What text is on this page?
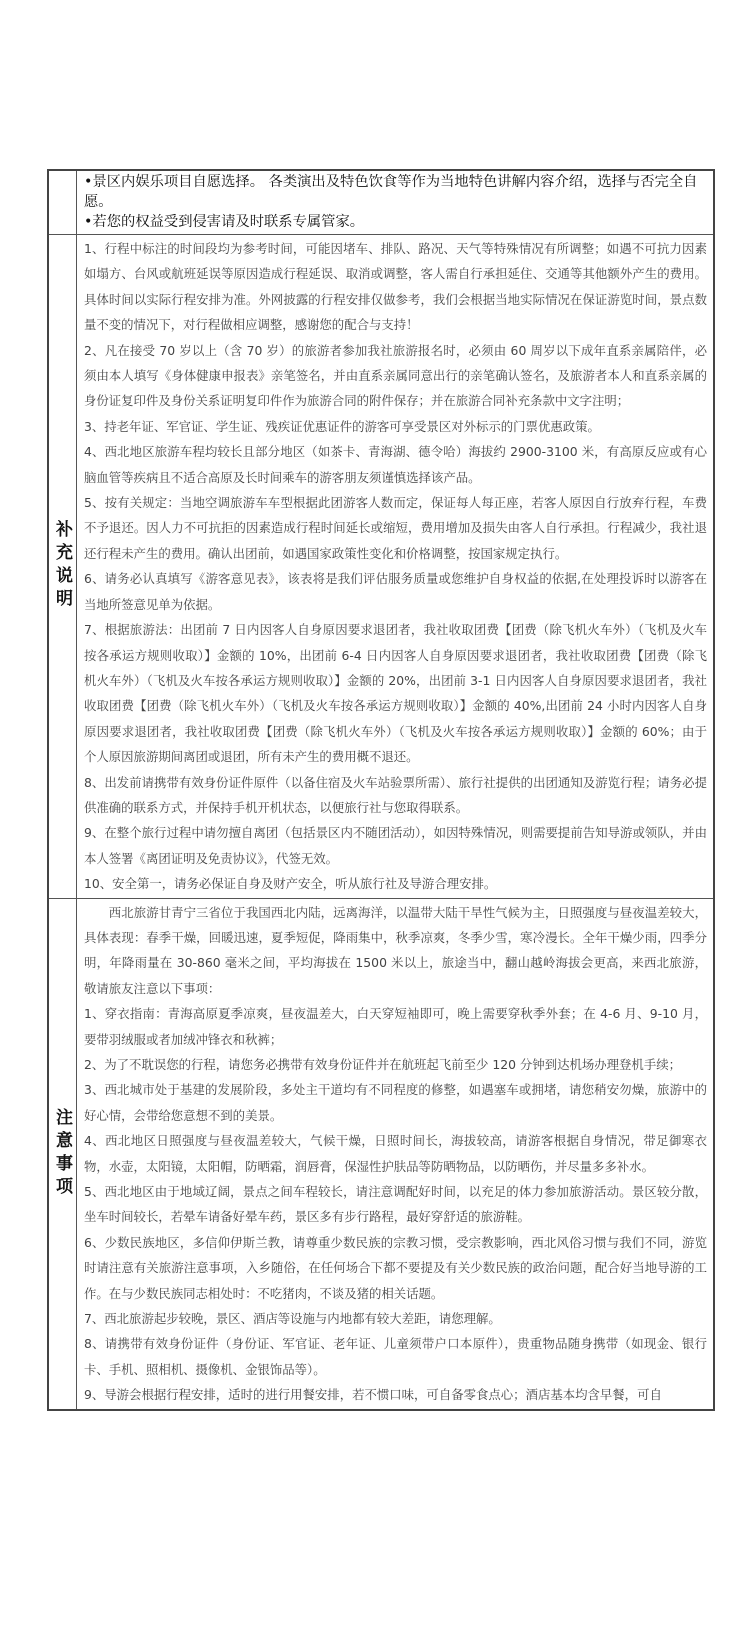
•景区内娱乐项目自愿选择。 各类演出及特色饮食等作为当地特色讲解内容介绍，选择与否完全自愿。

•若您的权益受到侵害请及时联系专属管家。

补充说明

1、行程中标注的时间段均为参考时间，可能因堵车、排队、路况、天气等特殊情况有所调整；如遇不可抗力因素如塌方、台风或航班延误等原因造成行程延误、取消或调整，客人需自行承担延住、交通等其他额外产生的费用。具体时间以实际行程安排为准。外网披露的行程安排仅做参考，我们会根据当地实际情况在保证游览时间，景点数量不变的情况下，对行程做相应调整，感谢您的配合与支持！

2、凡在接受 70 岁以上（含 70 岁）的旅游者参加我社旅游报名时，必须由 60 周岁以下成年直系亲属陪伴，必须由本人填写《身体健康申报表》亲笔签名，并由直系亲属同意出行的亲笔确认签名，及旅游者本人和直系亲属的身份证复印件及身份关系证明复印件作为旅游合同的附件保存；并在旅游合同补充条款中文字注明；

3、持老年证、军官证、学生证、残疾证优惠证件的游客可享受景区对外标示的门票优惠政策。

4、西北地区旅游车程均较长且部分地区（如茶卡、青海湖、德令哈）海拔约 2900-3100 米，有高原反应或有心脑血管等疾病且不适合高原及长时间乘车的游客朋友须谨慎选择该产品。

5、按有关规定：当地空调旅游车车型根据此团游客人数而定，保证每人每正座，若客人原因自行放弃行程，车费不予退还。因人力不可抗拒的因素造成行程时间延长或缩短，费用增加及损失由客人自行承担。行程减少，我社退还行程未产生的费用。确认出团前，如遇国家政策性变化和价格调整，按国家规定执行。

6、请务必认真填写《游客意见表》，该表将是我们评估服务质量或您维护自身权益的依据,在处理投诉时以游客在当地所签意见单为依据。

7、根据旅游法：出团前 7 日内因客人自身原因要求退团者，我社收取团费【团费（除飞机火车外）（飞机及火车按各承运方规则收取）】金额的 10%，出团前 6-4 日内因客人自身原因要求退团者，我社收取团费【团费（除飞机火车外）（飞机及火车按各承运方规则收取）】金额的 20%，出团前 3-1 日内因客人自身原因要求退团者，我社收取团费【团费（除飞机火车外）（飞机及火车按各承运方规则收取）】金额的 40%,出团前 24 小时内因客人自身原因要求退团者，我社收取团费【团费（除飞机火车外）（飞机及火车按各承运方规则收取）】金额的 60%；由于个人原因旅游期间离团或退团，所有未产生的费用概不退还。

8、出发前请携带有效身份证件原件（以备住宿及火车站验票所需）、旅行社提供的出团通知及游览行程；请务必提供准确的联系方式，并保持手机开机状态，以便旅行社与您取得联系。

9、在整个旅行过程中请勿擅自离团（包括景区内不随团活动），如因特殊情况，则需要提前告知导游或领队，并由本人签署《离团证明及免责协议》，代签无效。

10、安全第一，请务必保证自身及财产安全，听从旅行社及导游合理安排。

注意事项

西北旅游甘青宁三省位于我国西北内陆，远离海洋，以温带大陆干旱性气候为主，日照强度与昼夜温差较大，具体表现：春季干燥，回暖迅速，夏季短促，降雨集中，秋季凉爽，冬季少雪，寒冷漫长。全年干燥少雨，四季分明，年降雨量在 30-860 毫米之间，平均海拔在 1500 米以上，旅途当中，翻山越岭海拔会更高，来西北旅游，敬请旅友注意以下事项：

1、穿衣指南：青海高原夏季凉爽，昼夜温差大，白天穿短袖即可，晚上需要穿秋季外套；在 4-6 月、9-10 月，要带羽绒服或者加绒冲锋衣和秋裤；

2、为了不耽误您的行程，请您务必携带有效身份证件并在航班起飞前至少 120 分钟到达机场办理登机手续；

3、西北城市处于基建的发展阶段，多处主干道均有不同程度的修整，如遇塞车或拥堵，请您稍安勿燥，旅游中的好心情，会带给您意想不到的美景。

4、西北地区日照强度与昼夜温差较大，气候干燥，日照时间长，海拔较高，请游客根据自身情况，带足御寒衣物，水壶，太阳镜，太阳帽，防晒霜，润唇膏，保湿性护肤品等防晒物品，以防晒伤，并尽量多多补水。

5、西北地区由于地域辽阔，景点之间车程较长，请注意调配好时间，以充足的体力参加旅游活动。景区较分散，坐车时间较长，若晕车请备好晕车药，景区多有步行路程，最好穿舒适的旅游鞋。

6、少数民族地区，多信仰伊斯兰教，请尊重少数民族的宗教习惯，受宗教影响，西北风俗习惯与我们不同，游览时请注意有关旅游注意事项，入乡随俗，在任何场合下都不要提及有关少数民族的政治问题，配合好当地导游的工作。在与少数民族同志相处时：不吃猪肉，不谈及猪的相关话题。

7、西北旅游起步较晚，景区、酒店等设施与内地都有较大差距，请您理解。

8、请携带有效身份证件（身份证、军官证、老年证、儿童须带户口本原件），贵重物品随身携带（如现金、银行卡、手机、照相机、摄像机、金银饰品等）。

9、导游会根据行程安排，适时的进行用餐安排，若不惯口味，可自备零食点心；酒店基本均含早餐，可自
